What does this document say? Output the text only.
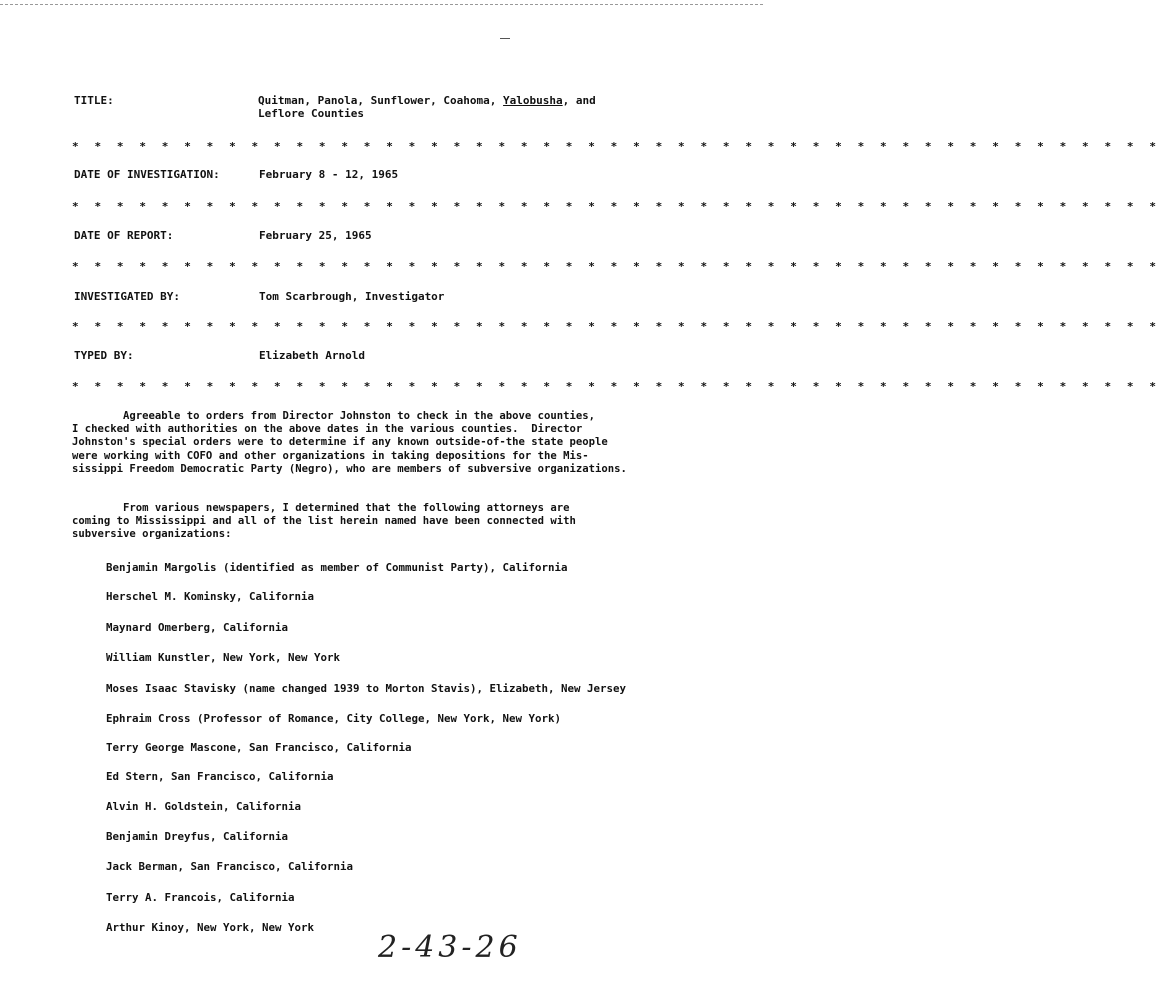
TITLE:	Quitman, Panola, Sunflower, Coahoma, Yalobusha, and
Leflore Counties
* * * * * * * * * * * * * * * * * * * * * * * * * * * * * * * * * * * * * * * * * * * * * * * * *
DATE OF INVESTIGATION:	February 8 - 12, 1965
* * * * * * * * * * * * * * * * * * * * * * * * * * * * * * * * * * * * * * * * * * * * * * * * *
DATE OF REPORT:	February 25, 1965
* * * * * * * * * * * * * * * * * * * * * * * * * * * * * * * * * * * * * * * * * * * * * * * * *
INVESTIGATED BY:	Tom Scarbrough, Investigator
* * * * * * * * * * * * * * * * * * * * * * * * * * * * * * * * * * * * * * * * * * * * * * * * *
TYPED BY:	Elizabeth Arnold
* * * * * * * * * * * * * * * * * * * * * * * * * * * * * * * * * * * * * * * * * * * * * * * * *
Agreeable to orders from Director Johnston to check in the above counties,
I checked with authorities on the above dates in the various counties.  Director
Johnston's special orders were to determine if any known outside-of-the state people
were working with COFO and other organizations in taking depositions for the Mis-
sissippi Freedom Democratic Party (Negro), who are members of subversive organizations.
From various newspapers, I determined that the following attorneys are
coming to Mississippi and all of the list herein named have been connected with
subversive organizations:
Benjamin Margolis (identified as member of Communist Party), California
Herschel M. Kominsky, California
Maynard Omerberg, California
William Kunstler, New York, New York
Moses Isaac Stavisky (name changed 1939 to Morton Stavis), Elizabeth, New Jersey
Ephraim Cross (Professor of Romance, City College, New York, New York)
Terry George Mascone, San Francisco, California
Ed Stern, San Francisco, California
Alvin H. Goldstein, California
Benjamin Dreyfus, California
Jack Berman, San Francisco, California
Terry A. Francois, California
Arthur Kinoy, New York, New York
2-43-26
